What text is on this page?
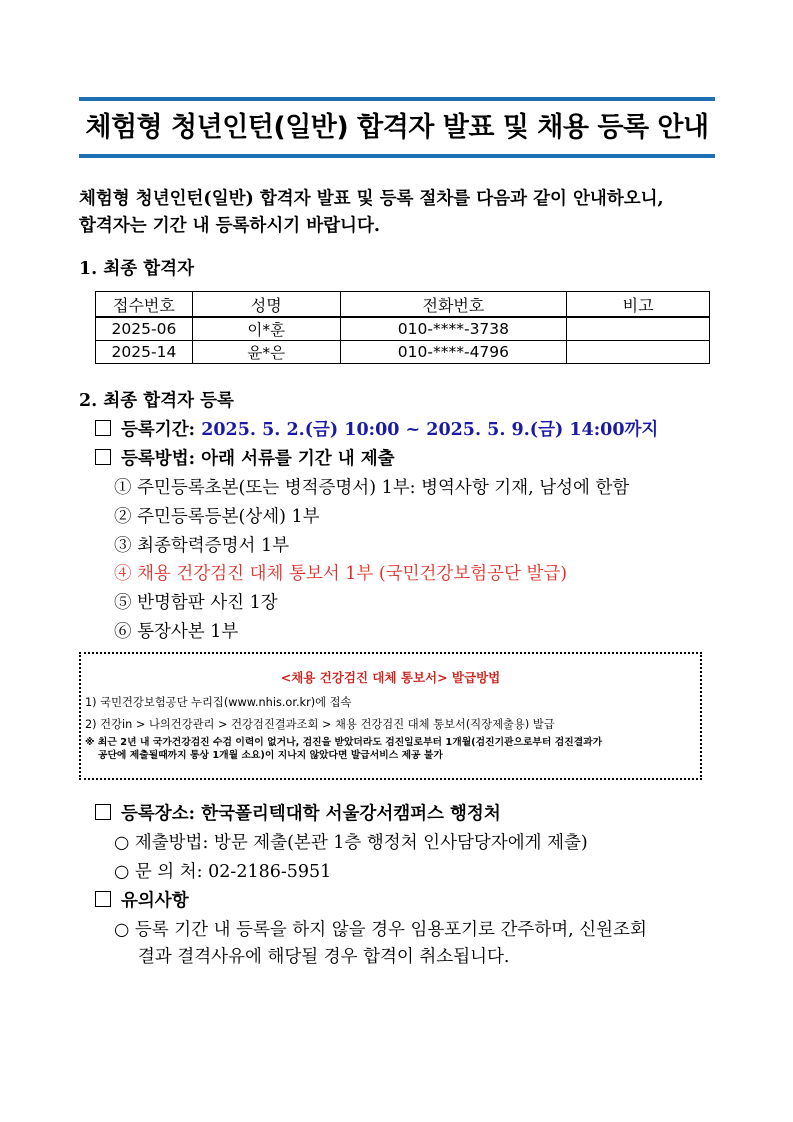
체험형 청년인턴(일반) 합격자 발표 및 채용 등록 안내
체험형 청년인턴(일반) 합격자 발표 및 등록 절차를 다음과 같이 안내하오니,
합격자는 기간 내 등록하시기 바랍니다.
1. 최종 합격자
접수번호	성명	전화번호	비고
2025-06	이*훈	010-****-3738	
2025-14	윤*은	010-****-4796	
2. 최종 합격자 등록
등록기간: 2025. 5. 2.(금) 10:00 ~ 2025. 5. 9.(금) 14:00까지
등록방법: 아래 서류를 기간 내 제출
① 주민등록초본(또는 병적증명서) 1부: 병역사항 기재, 남성에 한함
② 주민등록등본(상세) 1부
③ 최종학력증명서 1부
④ 채용 건강검진 대체 통보서 1부 (국민건강보험공단 발급)
⑤ 반명함판 사진 1장
⑥ 통장사본 1부
<채용 건강검진 대체 통보서> 발급방법
1) 국민건강보험공단 누리집(www.nhis.or.kr)에 접속
2) 건강in > 나의건강관리 > 건강검진결과조회 > 채용 건강검진 대체 통보서(직장제출용) 발급
※ 최근 2년 내 국가건강검진 수검 이력이 없거나, 검진을 받았더라도 검진일로부터 1개월(검진기관으로부터 검진결과가
공단에 제출될때까지 통상 1개월 소요)이 지나지 않았다면 발급서비스 제공 불가
등록장소: 한국폴리텍대학 서울강서캠퍼스 행정처
○ 제출방법: 방문 제출(본관 1층 행정처 인사담당자에게 제출)
○ 문 의 처: 02-2186-5951
유의사항
○ 등록 기간 내 등록을 하지 않을 경우 임용포기로 간주하며, 신원조회
결과 결격사유에 해당될 경우 합격이 취소됩니다.
